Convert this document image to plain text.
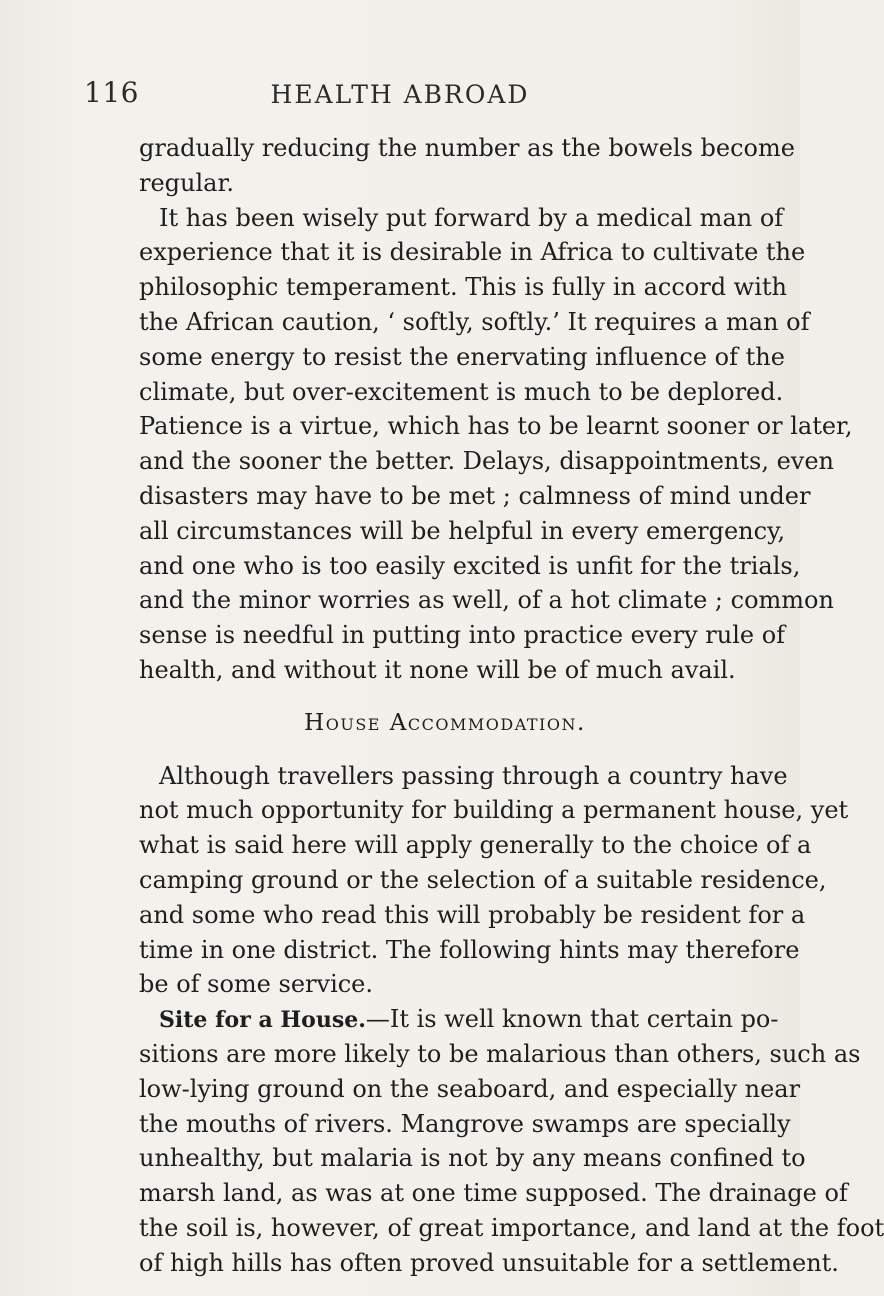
116	HEALTH ABROAD
gradually reducing the number as the bowels become
regular.
It has been wisely put forward by a medical man of
experience that it is desirable in Africa to cultivate the
philosophic temperament. This is fully in accord with
the African caution, ‘ softly, softly.’ It requires a man of
some energy to resist the enervating influence of the
climate, but over-excitement is much to be deplored.
Patience is a virtue, which has to be learnt sooner or later,
and the sooner the better. Delays, disappointments, even
disasters may have to be met ; calmness of mind under
all circumstances will be helpful in every emergency,
and one who is too easily excited is unfit for the trials,
and the minor worries as well, of a hot climate ; common
sense is needful in putting into practice every rule of
health, and without it none will be of much avail.
House Accommodation.
Although travellers passing through a country have
not much opportunity for building a permanent house, yet
what is said here will apply generally to the choice of a
camping ground or the selection of a suitable residence,
and some who read this will probably be resident for a
time in one district. The following hints may therefore
be of some service.
Site for a House.—It is well known that certain po-
sitions are more likely to be malarious than others, such as
low-lying ground on the seaboard, and especially near
the mouths of rivers. Mangrove swamps are specially
unhealthy, but malaria is not by any means confined to
marsh land, as was at one time supposed. The drainage of
the soil is, however, of great importance, and land at the foot
of high hills has often proved unsuitable for a settlement.
